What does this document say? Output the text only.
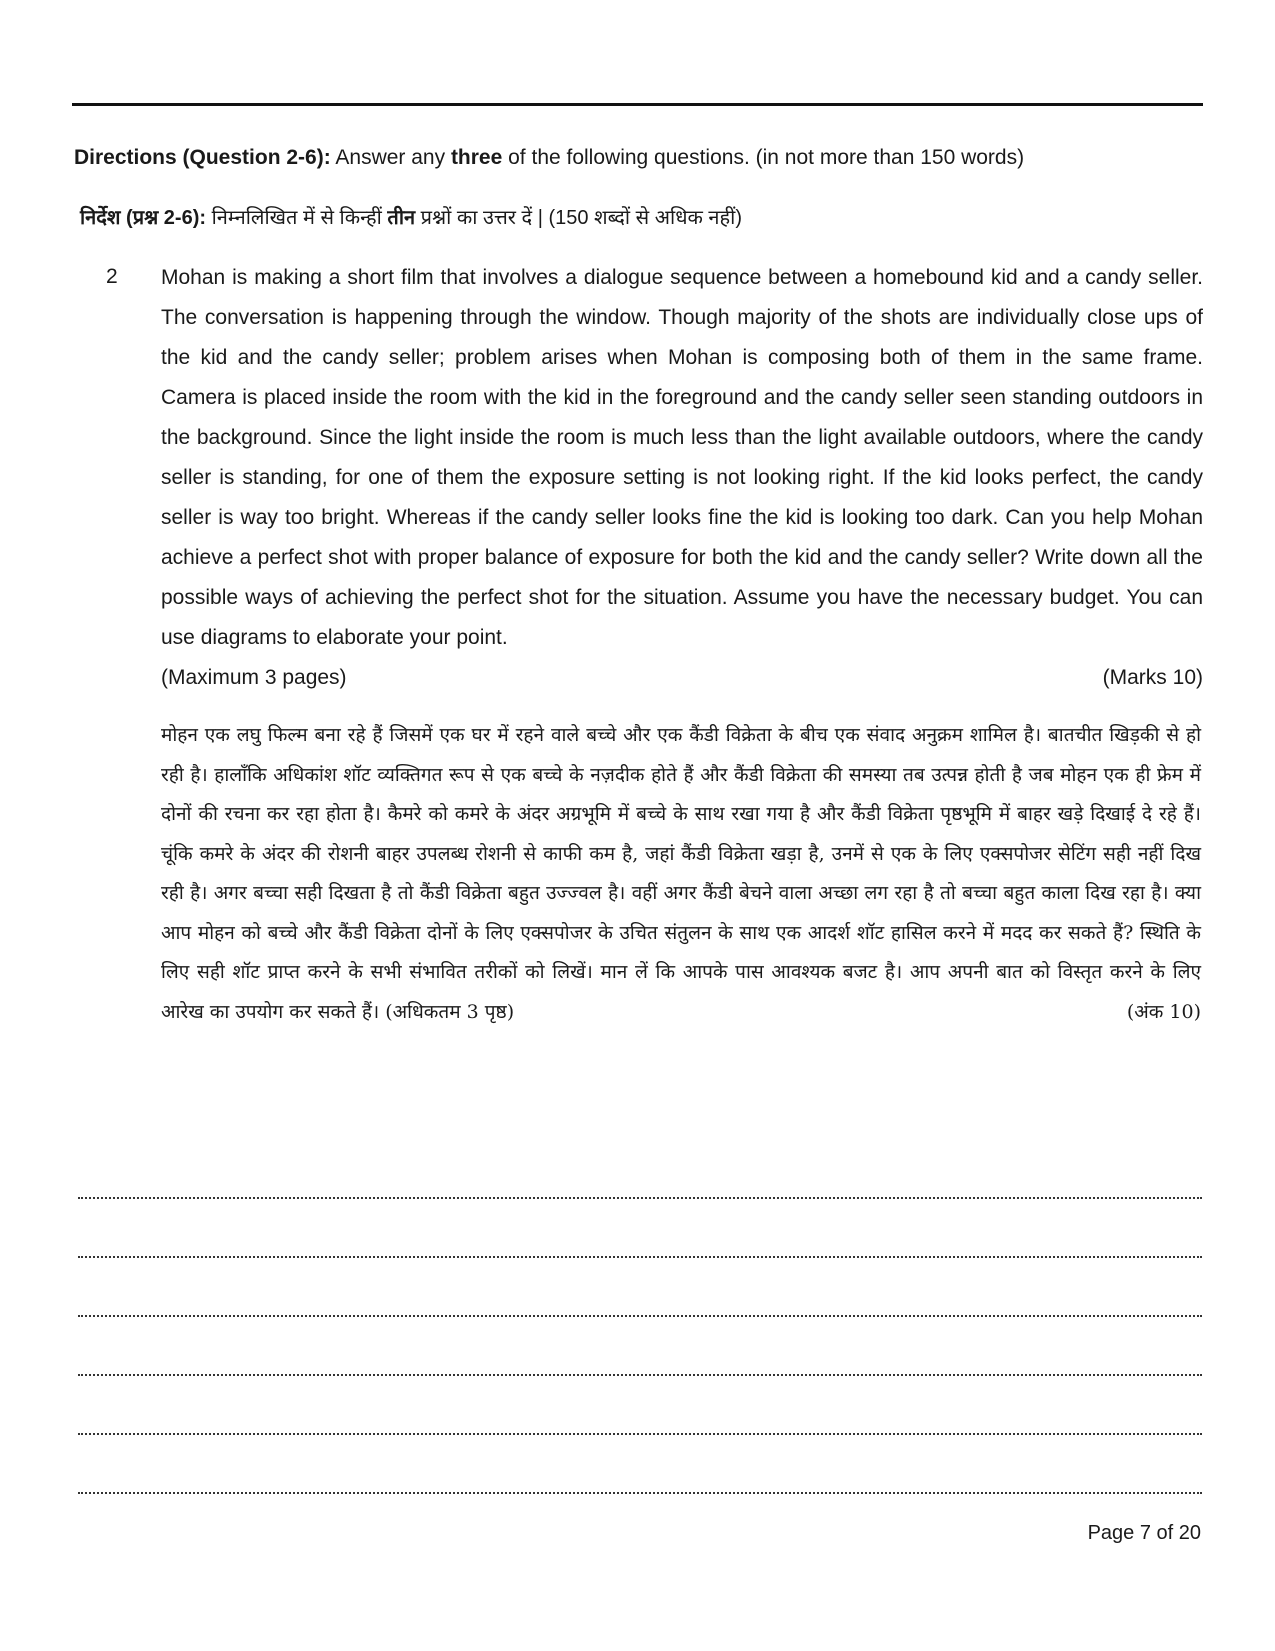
Directions (Question 2-6): Answer any three of the following questions. (in not more than 150 words)
निर्देश (प्रश्न 2-6): निम्नलिखित में से किन्हीं तीन प्रश्नों का उत्तर दें | (150 शब्दों से अधिक नहीं)
2 Mohan is making a short film that involves a dialogue sequence between a homebound kid and a candy seller. The conversation is happening through the window. Though majority of the shots are individually close ups of the kid and the candy seller; problem arises when Mohan is composing both of them in the same frame. Camera is placed inside the room with the kid in the foreground and the candy seller seen standing outdoors in the background. Since the light inside the room is much less than the light available outdoors, where the candy seller is standing, for one of them the exposure setting is not looking right. If the kid looks perfect, the candy seller is way too bright. Whereas if the candy seller looks fine the kid is looking too dark. Can you help Mohan achieve a perfect shot with proper balance of exposure for both the kid and the candy seller? Write down all the possible ways of achieving the perfect shot for the situation. Assume you have the necessary budget. You can use diagrams to elaborate your point.
(Maximum 3 pages)	(Marks 10)
मोहन एक लघु फिल्म बना रहे हैं जिसमें एक घर में रहने वाले बच्चे और एक कैंडी विक्रेता के बीच एक संवाद अनुक्रम शामिल है। बातचीत खिड़की से हो रही है। हालाँकि अधिकांश शॉट व्यक्तिगत रूप से एक बच्चे के नज़दीक होते हैं और कैंडी विक्रेता की समस्या तब उत्पन्न होती है जब मोहन एक ही फ्रेम में दोनों की रचना कर रहा होता है। कैमरे को कमरे के अंदर अग्रभूमि में बच्चे के साथ रखा गया है और कैंडी विक्रेता पृष्ठभूमि में बाहर खड़े दिखाई दे रहे हैं। चूंकि कमरे के अंदर की रोशनी बाहर उपलब्ध रोशनी से काफी कम है, जहां कैंडी विक्रेता खड़ा है, उनमें से एक के लिए एक्सपोजर सेटिंग सही नहीं दिख रही है। अगर बच्चा सही दिखता है तो कैंडी विक्रेता बहुत उज्ज्वल है। वहीं अगर कैंडी बेचने वाला अच्छा लग रहा है तो बच्चा बहुत काला दिख रहा है। क्या आप मोहन को बच्चे और कैंडी विक्रेता दोनों के लिए एक्सपोजर के उचित संतुलन के साथ एक आदर्श शॉट हासिल करने में मदद कर सकते हैं? स्थिति के लिए सही शॉट प्राप्त करने के सभी संभावित तरीकों को लिखें। मान लें कि आपके पास आवश्यक बजट है। आप अपनी बात को विस्तृत करने के लिए आरेख का उपयोग कर सकते हैं। (अधिकतम 3 पृष्ठ)	(अंक 10)
Page 7 of 20
